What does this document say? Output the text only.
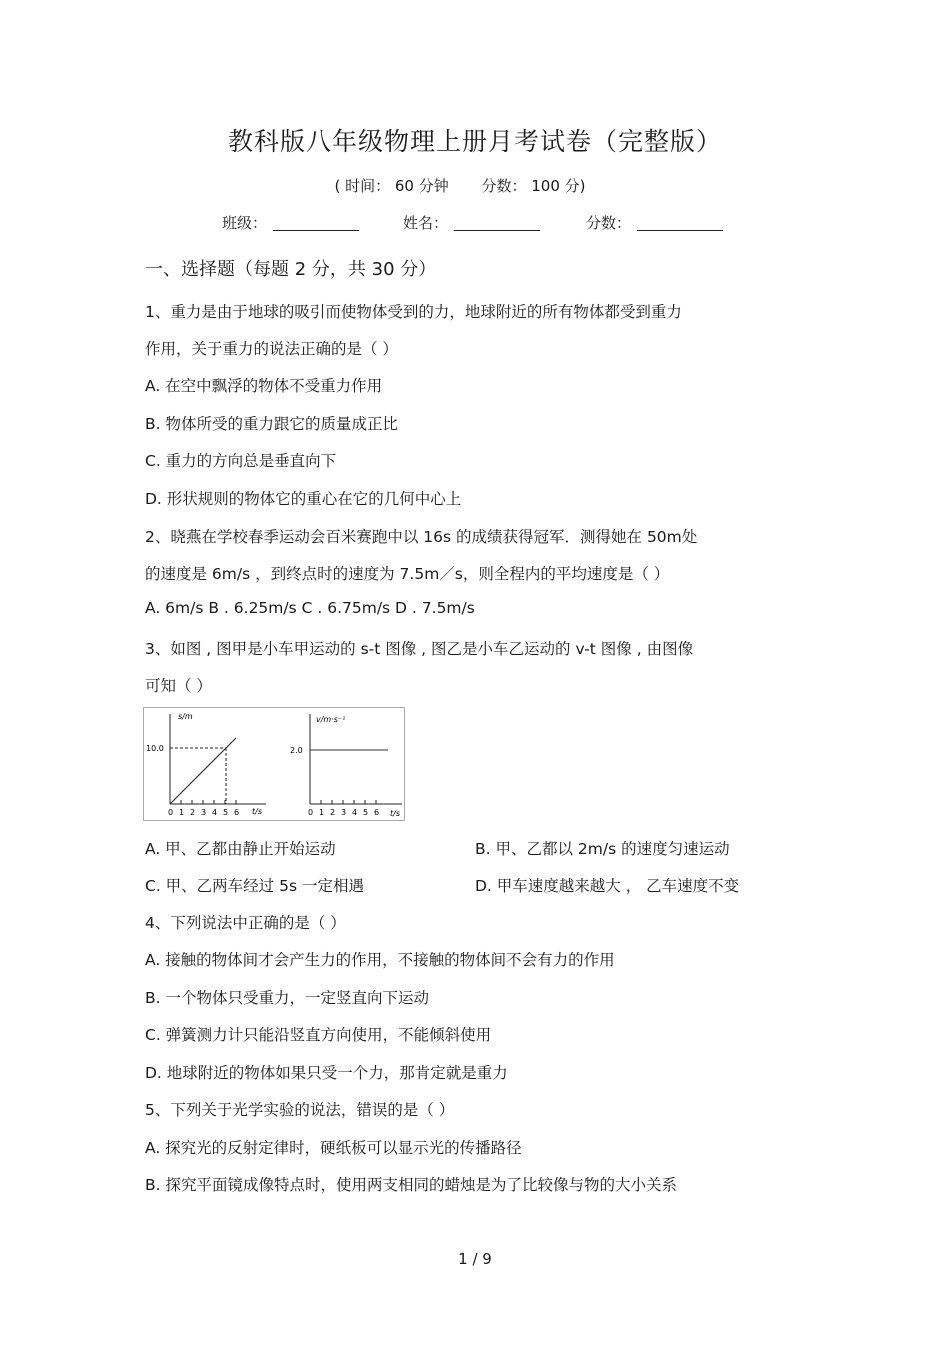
教科版八年级物理上册月考试卷（完整版）
( 时间： 60 分钟 分数： 100 分)
班级：	姓名：	分数：
一、选择题（每题 2 分，共 30 分）
1、重力是由于地球的吸引而使物体受到的力，地球附近的所有物体都受到重力
作用，关于重力的说法正确的是（ ）
A. 在空中飘浮的物体不受重力作用
B. 物体所受的重力跟它的质量成正比
C. 重力的方向总是垂直向下
D. 形状规则的物体它的重心在它的几何中心上
2、晓燕在学校春季运动会百米赛跑中以 16s 的成绩获得冠军．测得她在 50m处
的速度是 6m/s ，到终点时的速度为 7.5m／s，则全程内的平均速度是（ ）
A. 6m/s B . 6.25m/s C . 6.75m/s D . 7.5m/s
3、如图 , 图甲是小车甲运动的 s-t 图像 , 图乙是小车乙运动的 v-t 图像 , 由图像
可知（ ）
s/m
t/s
10.0
0 1 2 3 4 5 6
v/m·s⁻¹
t/s
2.0
0 1 2 3 4 5 6
A. 甲、乙都由静止开始运动	B. 甲、乙都以 2m/s 的速度匀速运动
C. 甲、乙两车经过 5s 一定相遇	D. 甲车速度越来越大 ， 乙车速度不变
4、下列说法中正确的是（ ）
A. 接触的物体间才会产生力的作用，不接触的物体间不会有力的作用
B. 一个物体只受重力，一定竖直向下运动
C. 弹簧测力计只能沿竖直方向使用，不能倾斜使用
D. 地球附近的物体如果只受一个力，那肯定就是重力
5、下列关于光学实验的说法，错误的是（ ）
A. 探究光的反射定律时，硬纸板可以显示光的传播路径
B. 探究平面镜成像特点时，使用两支相同的蜡烛是为了比较像与物的大小关系
1 / 9
